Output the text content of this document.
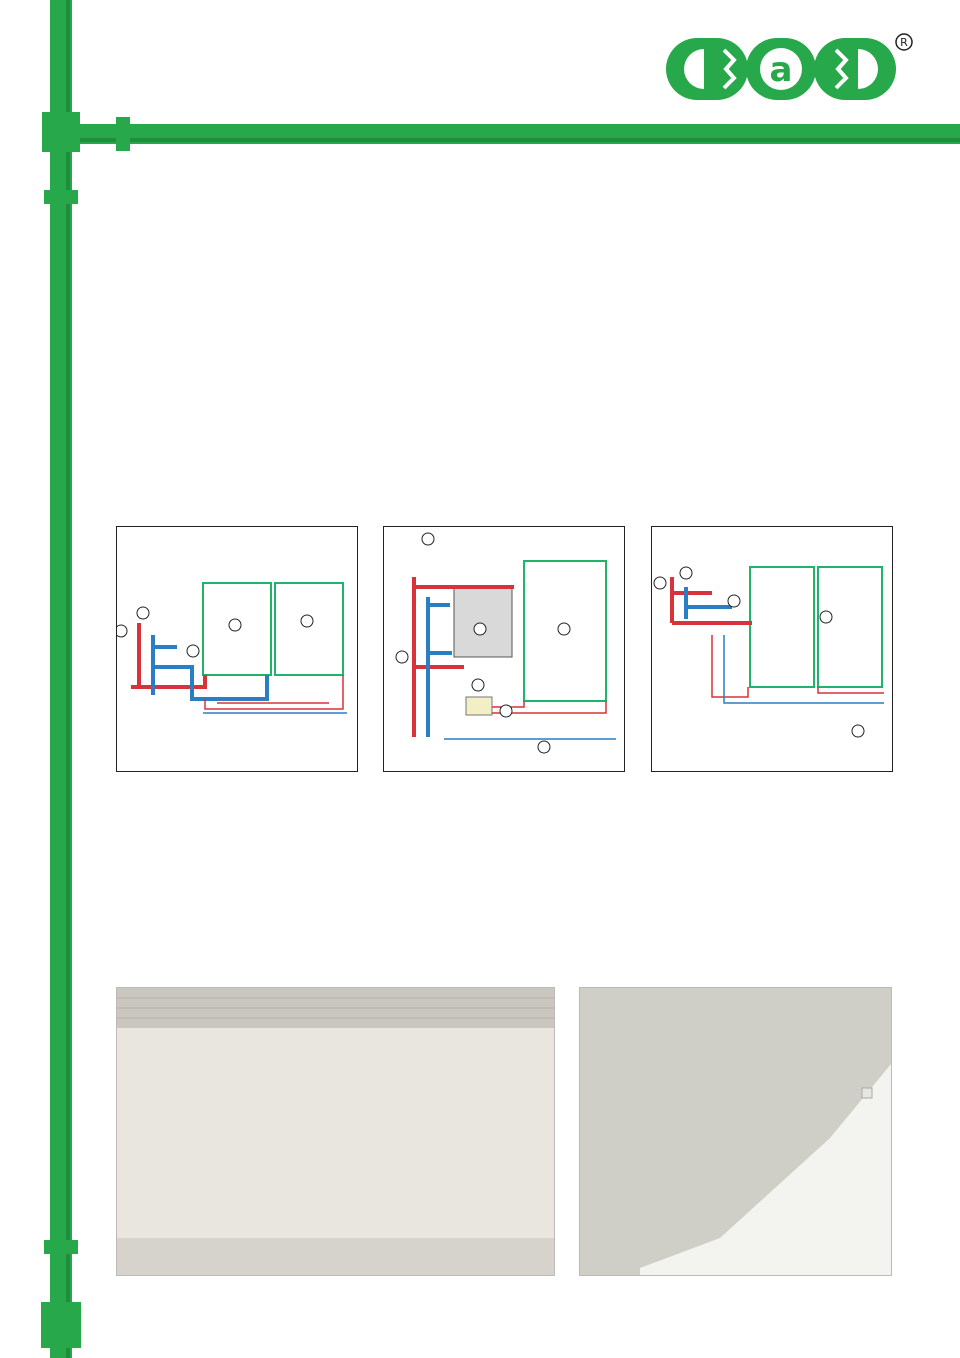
a
R
